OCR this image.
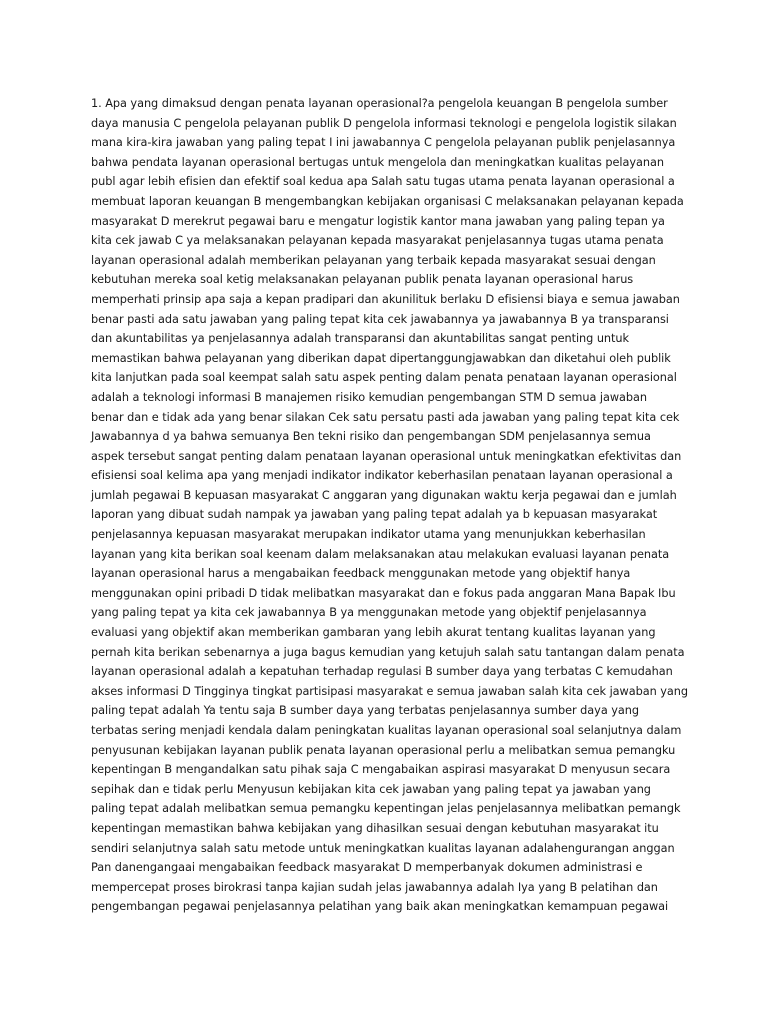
1. Apa yang dimaksud dengan penata layanan operasional?a pengelola keuangan B pengelola sumber
daya manusia C pengelola pelayanan publik D pengelola informasi teknologi e pengelola logistik silakan
mana kira-kira jawaban yang paling tepat I ini jawabannya C pengelola pelayanan publik penjelasannya
bahwa pendata layanan operasional bertugas untuk mengelola dan meningkatkan kualitas pelayanan
publ agar lebih efisien dan efektif soal kedua apa Salah satu tugas utama penata layanan operasional a
membuat laporan keuangan B mengembangkan kebijakan organisasi C melaksanakan pelayanan kepada
masyarakat D merekrut pegawai baru e mengatur logistik kantor mana jawaban yang paling tepan ya
kita cek jawab C ya melaksanakan pelayanan kepada masyarakat penjelasannya tugas utama penata
layanan operasional adalah memberikan pelayanan yang terbaik kepada masyarakat sesuai dengan
kebutuhan mereka soal ketig melaksanakan pelayanan publik penata layanan operasional harus
memperhati prinsip apa saja a kepan pradipari dan akunilituk berlaku D efisiensi biaya e semua jawaban
benar pasti ada satu jawaban yang paling tepat kita cek jawabannya ya jawabannya B ya transparansi
dan akuntabilitas ya penjelasannya adalah transparansi dan akuntabilitas sangat penting untuk
memastikan bahwa pelayanan yang diberikan dapat dipertanggungjawabkan dan diketahui oleh publik
kita lanjutkan pada soal keempat salah satu aspek penting dalam penata penataan layanan operasional
adalah a teknologi informasi B manajemen risiko kemudian pengembangan STM D semua jawaban
benar dan e tidak ada yang benar silakan Cek satu persatu pasti ada jawaban yang paling tepat kita cek
Jawabannya d ya bahwa semuanya Ben tekni risiko dan pengembangan SDM penjelasannya semua
aspek tersebut sangat penting dalam penataan layanan operasional untuk meningkatkan efektivitas dan
efisiensi soal kelima apa yang menjadi indikator indikator keberhasilan penataan layanan operasional a
jumlah pegawai B kepuasan masyarakat C anggaran yang digunakan waktu kerja pegawai dan e jumlah
laporan yang dibuat sudah nampak ya jawaban yang paling tepat adalah ya b kepuasan masyarakat
penjelasannya kepuasan masyarakat merupakan indikator utama yang menunjukkan keberhasilan
layanan yang kita berikan soal keenam dalam melaksanakan atau melakukan evaluasi layanan penata
layanan operasional harus a mengabaikan feedback menggunakan metode yang objektif hanya
menggunakan opini pribadi D tidak melibatkan masyarakat dan e fokus pada anggaran Mana Bapak Ibu
yang paling tepat ya kita cek jawabannya B ya menggunakan metode yang objektif penjelasannya
evaluasi yang objektif akan memberikan gambaran yang lebih akurat tentang kualitas layanan yang
pernah kita berikan sebenarnya a juga bagus kemudian yang ketujuh salah satu tantangan dalam penata
layanan operasional adalah a kepatuhan terhadap regulasi B sumber daya yang terbatas C kemudahan
akses informasi D Tingginya tingkat partisipasi masyarakat e semua jawaban salah kita cek jawaban yang
paling tepat adalah Ya tentu saja B sumber daya yang terbatas penjelasannya sumber daya yang
terbatas sering menjadi kendala dalam peningkatan kualitas layanan operasional soal selanjutnya dalam
penyusunan kebijakan layanan publik penata layanan operasional perlu a melibatkan semua pemangku
kepentingan B mengandalkan satu pihak saja C mengabaikan aspirasi masyarakat D menyusun secara
sepihak dan e tidak perlu Menyusun kebijakan kita cek jawaban yang paling tepat ya jawaban yang
paling tepat adalah melibatkan semua pemangku kepentingan jelas penjelasannya melibatkan pemangk
kepentingan memastikan bahwa kebijakan yang dihasilkan sesuai dengan kebutuhan masyarakat itu
sendiri selanjutnya salah satu metode untuk meningkatkan kualitas layanan adalahengurangan anggan
Pan danengangaai mengabaikan feedback masyarakat D memperbanyak dokumen administrasi e
mempercepat proses birokrasi tanpa kajian sudah jelas jawabannya adalah Iya yang B pelatihan dan
pengembangan pegawai penjelasannya pelatihan yang baik akan meningkatkan kemampuan pegawai
